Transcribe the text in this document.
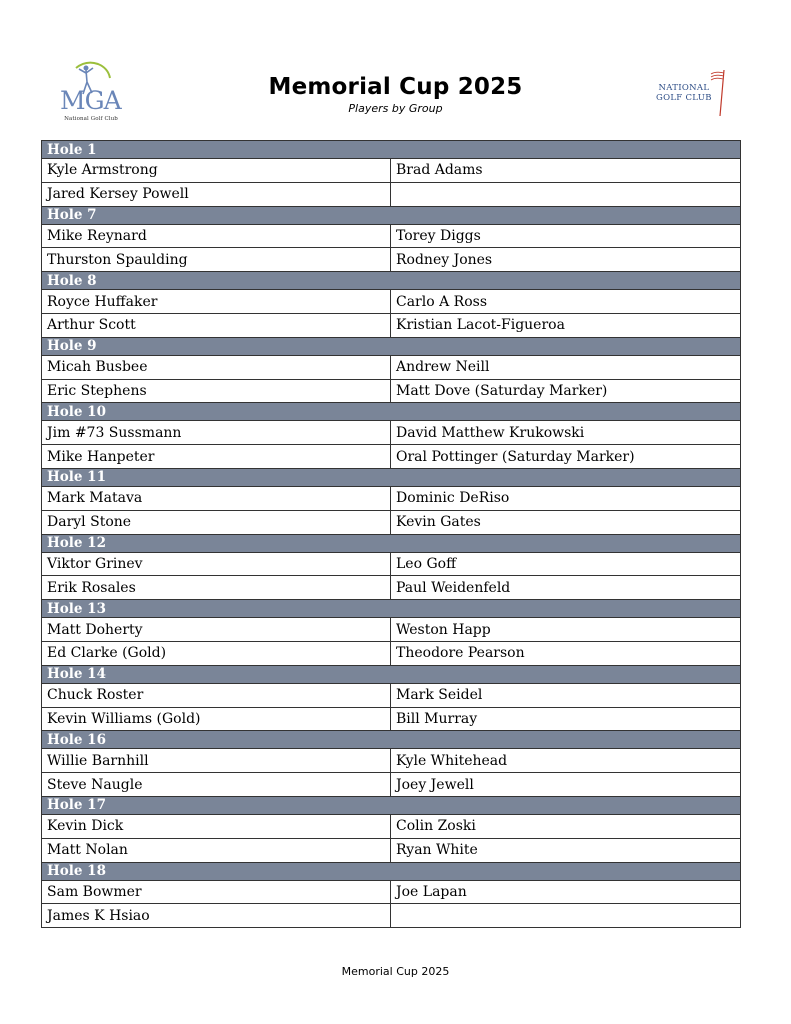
MGA
National Golf Club
Memorial Cup 2025
Players by Group
NATIONAL
GOLF CLUB
Hole 1	
Kyle Armstrong	Brad Adams
Jared Kersey Powell	
Hole 7	
Mike Reynard	Torey Diggs
Thurston Spaulding	Rodney Jones
Hole 8	
Royce Huffaker	Carlo A Ross
Arthur Scott	Kristian Lacot-Figueroa
Hole 9	
Micah Busbee	Andrew Neill
Eric Stephens	Matt Dove (Saturday Marker)
Hole 10	
Jim #73 Sussmann	David Matthew Krukowski
Mike Hanpeter	Oral Pottinger (Saturday Marker)
Hole 11	
Mark Matava	Dominic DeRiso
Daryl Stone	Kevin Gates
Hole 12	
Viktor Grinev	Leo Goff
Erik Rosales	Paul Weidenfeld
Hole 13	
Matt Doherty	Weston Happ
Ed Clarke (Gold)	Theodore Pearson
Hole 14	
Chuck Roster	Mark Seidel
Kevin Williams (Gold)	Bill Murray
Hole 16	
Willie Barnhill	Kyle Whitehead
Steve Naugle	Joey Jewell
Hole 17	
Kevin Dick	Colin Zoski
Matt Nolan	Ryan White
Hole 18	
Sam Bowmer	Joe Lapan
James K Hsiao	
Memorial Cup 2025
